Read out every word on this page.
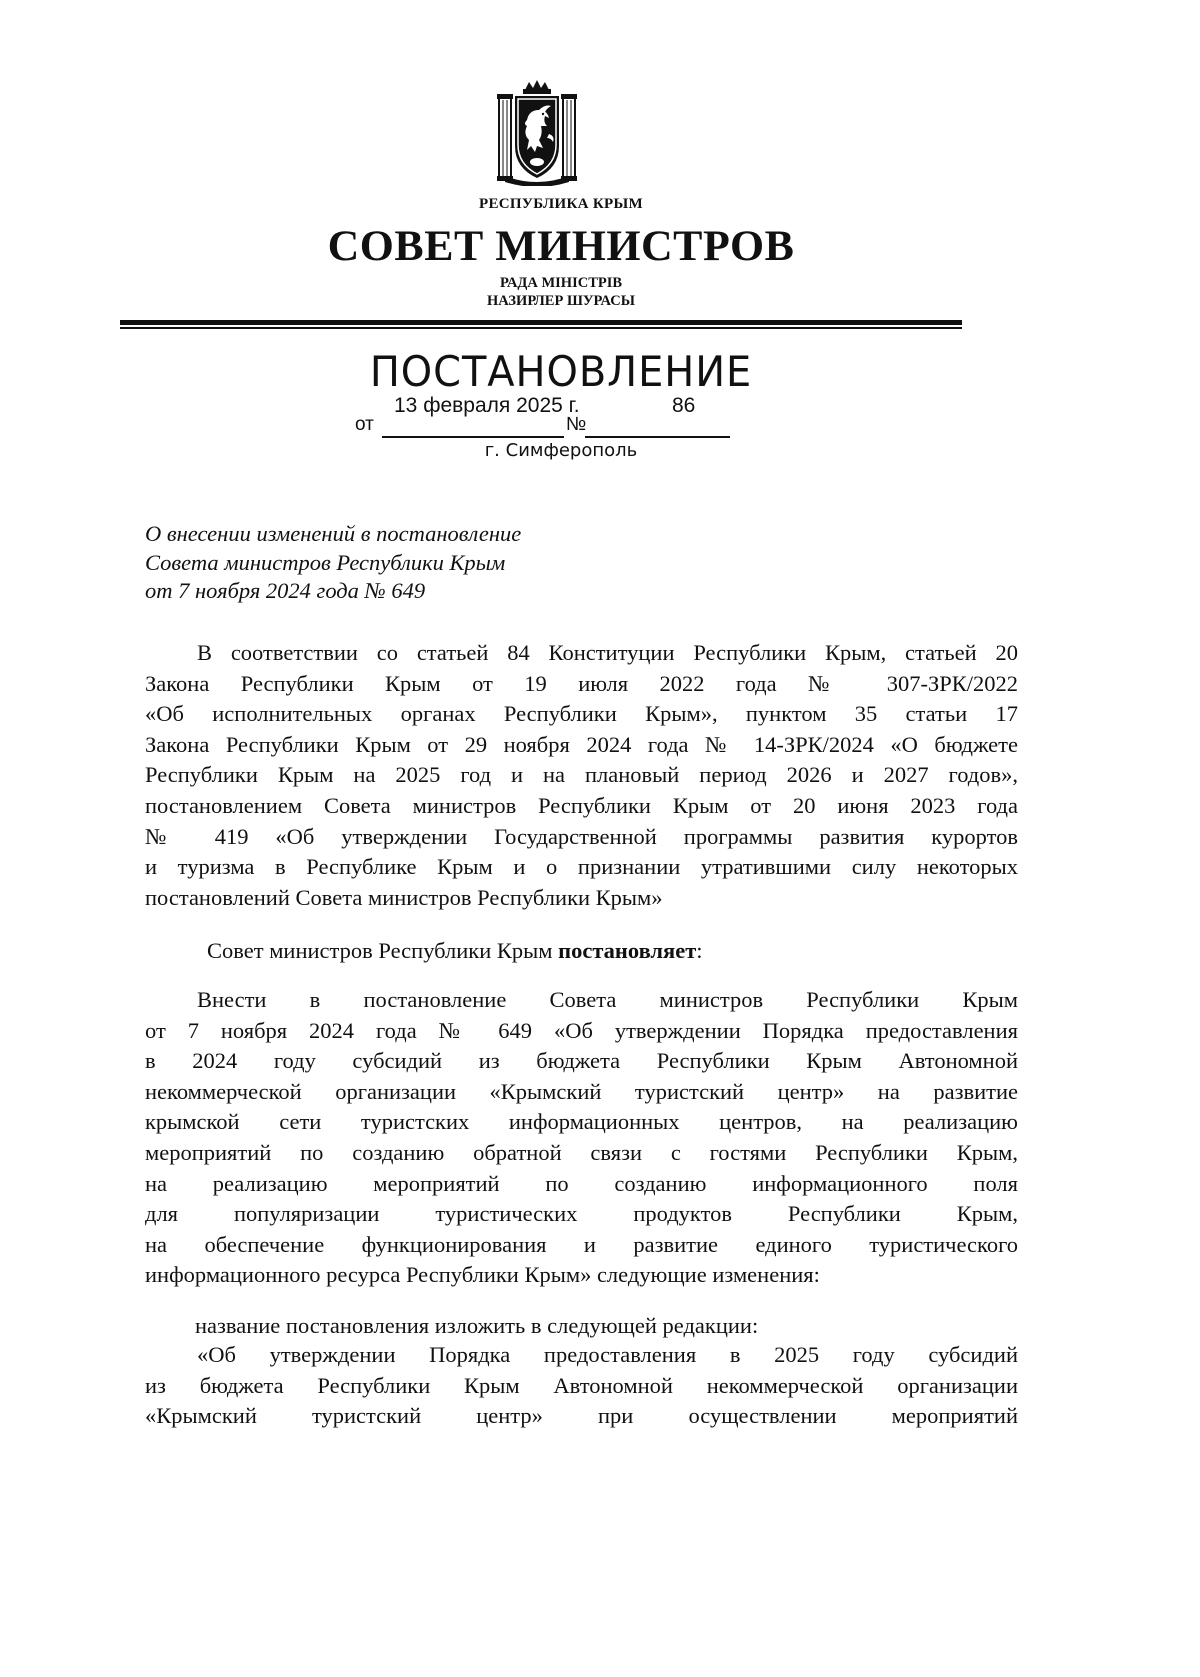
РЕСПУБЛИКА КРЫМ
СОВЕТ МИНИСТРОВ
РАДА МІНІСТРІВ
НАЗИРЛЕР ШУРАСЫ
ПОСТАНОВЛЕНИЕ
13 февраля 2025 г.	86
от	№
г. Симферополь
О внесении изменений в постановление
Совета министров Республики Крым
от 7 ноября 2024 года № 649
В соответствии со статьей 84 Конституции Республики Крым, статьей 20
Закона Республики Крым от 19 июля 2022 года № 307-ЗРК/2022
«Об исполнительных органах Республики Крым», пунктом 35 статьи 17
Закона Республики Крым от 29 ноября 2024 года № 14-ЗРК/2024 «О бюджете
Республики Крым на 2025 год и на плановый период 2026 и 2027 годов»,
постановлением Совета министров Республики Крым от 20 июня 2023 года
№ 419 «Об утверждении Государственной программы развития курортов
и туризма в Республике Крым и о признании утратившими силу некоторых
постановлений Совета министров Республики Крым»
Совет министров Республики Крым постановляет:
Внести в постановление Совета министров Республики Крым
от 7 ноября 2024 года № 649 «Об утверждении Порядка предоставления
в 2024 году субсидий из бюджета Республики Крым Автономной
некоммерческой организации «Крымский туристский центр» на развитие
крымской сети туристских информационных центров, на реализацию
мероприятий по созданию обратной связи с гостями Республики Крым,
на реализацию мероприятий по созданию информационного поля
для популяризации туристических продуктов Республики Крым,
на обеспечение функционирования и развитие единого туристического
информационного ресурса Республики Крым» следующие изменения:
название постановления изложить в следующей редакции:
«Об утверждении Порядка предоставления в 2025 году субсидий
из бюджета Республики Крым Автономной некоммерческой организации
«Крымский туристский центр» при осуществлении мероприятий
